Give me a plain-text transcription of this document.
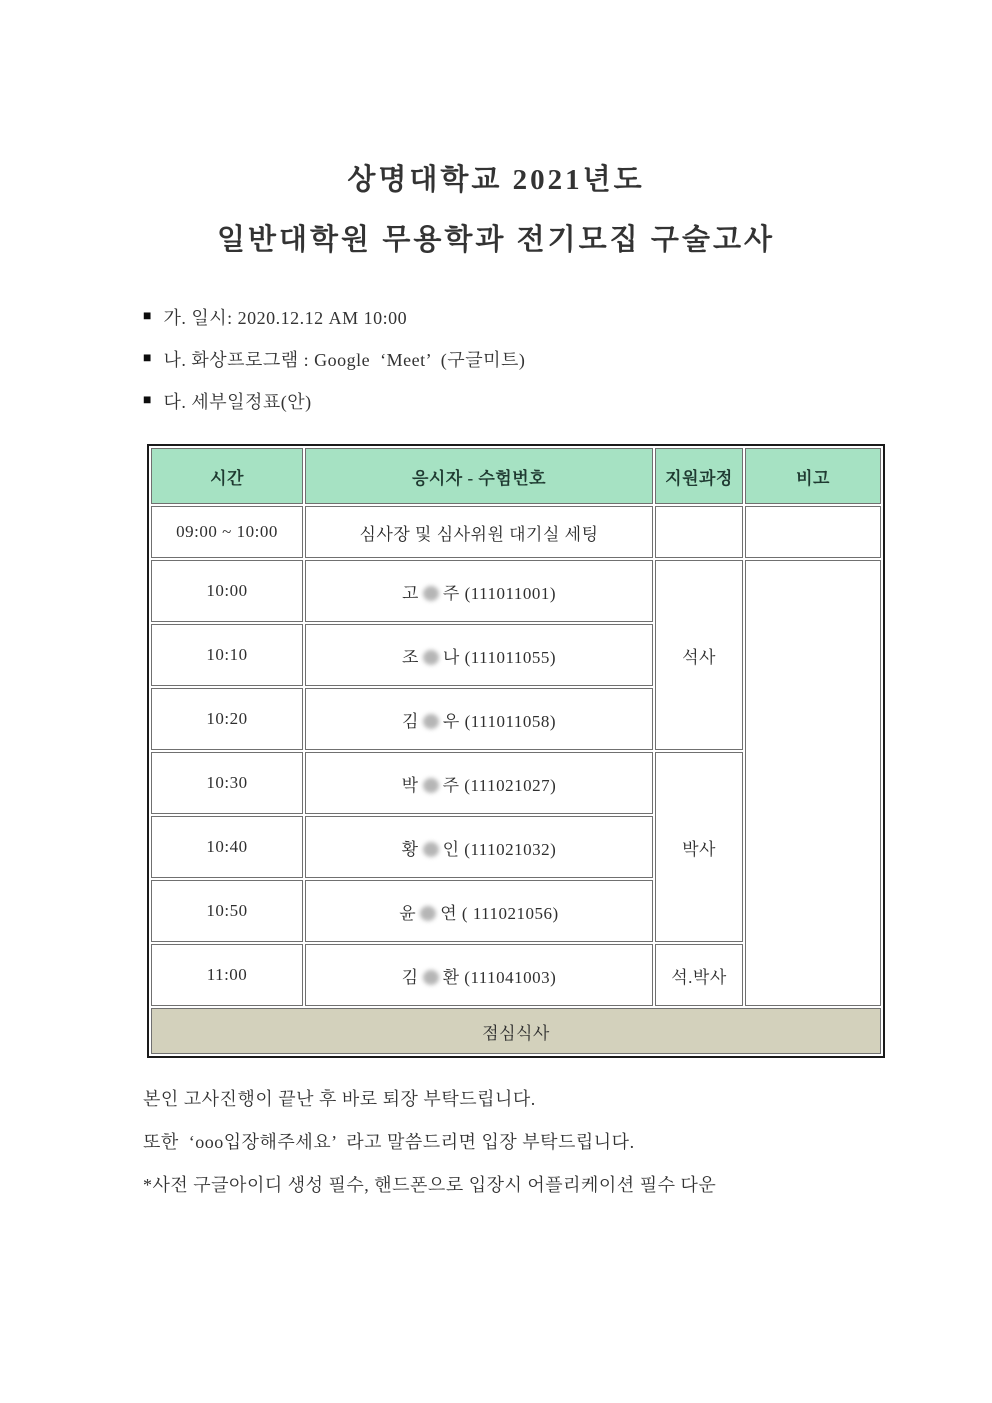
상명대학교 2021년도
일반대학원 무용학과 전기모집 구술고사
■ 가. 일시: 2020.12.12 AM 10:00
■ 나. 화상프로그램 : Google  ‘Meet’  (구글미트)
■ 다. 세부일정표(안)
시간	응시자 - 수험번호	지원과정	비고
09:00 ~ 10:00	심사장 및 심사위원 대기실 세팅		
10:00	고 주 (111011001)	석사	
10:10	조 나 (111011055)		
10:20	김 우 (111011058)		
10:30	박 주 (111021027)	박사	
10:40	황 인 (111021032)		
10:50	윤 연 ( 111021056)		
11:00	김 환 (111041003)	석.박사	
점심식사			
본인 고사진행이 끝난 후 바로 퇴장 부탁드립니다.
또한  ‘ooo입장해주세요’  라고 말씀드리면 입장 부탁드립니다.
*사전 구글아이디 생성 필수, 핸드폰으로 입장시 어플리케이션 필수 다운
